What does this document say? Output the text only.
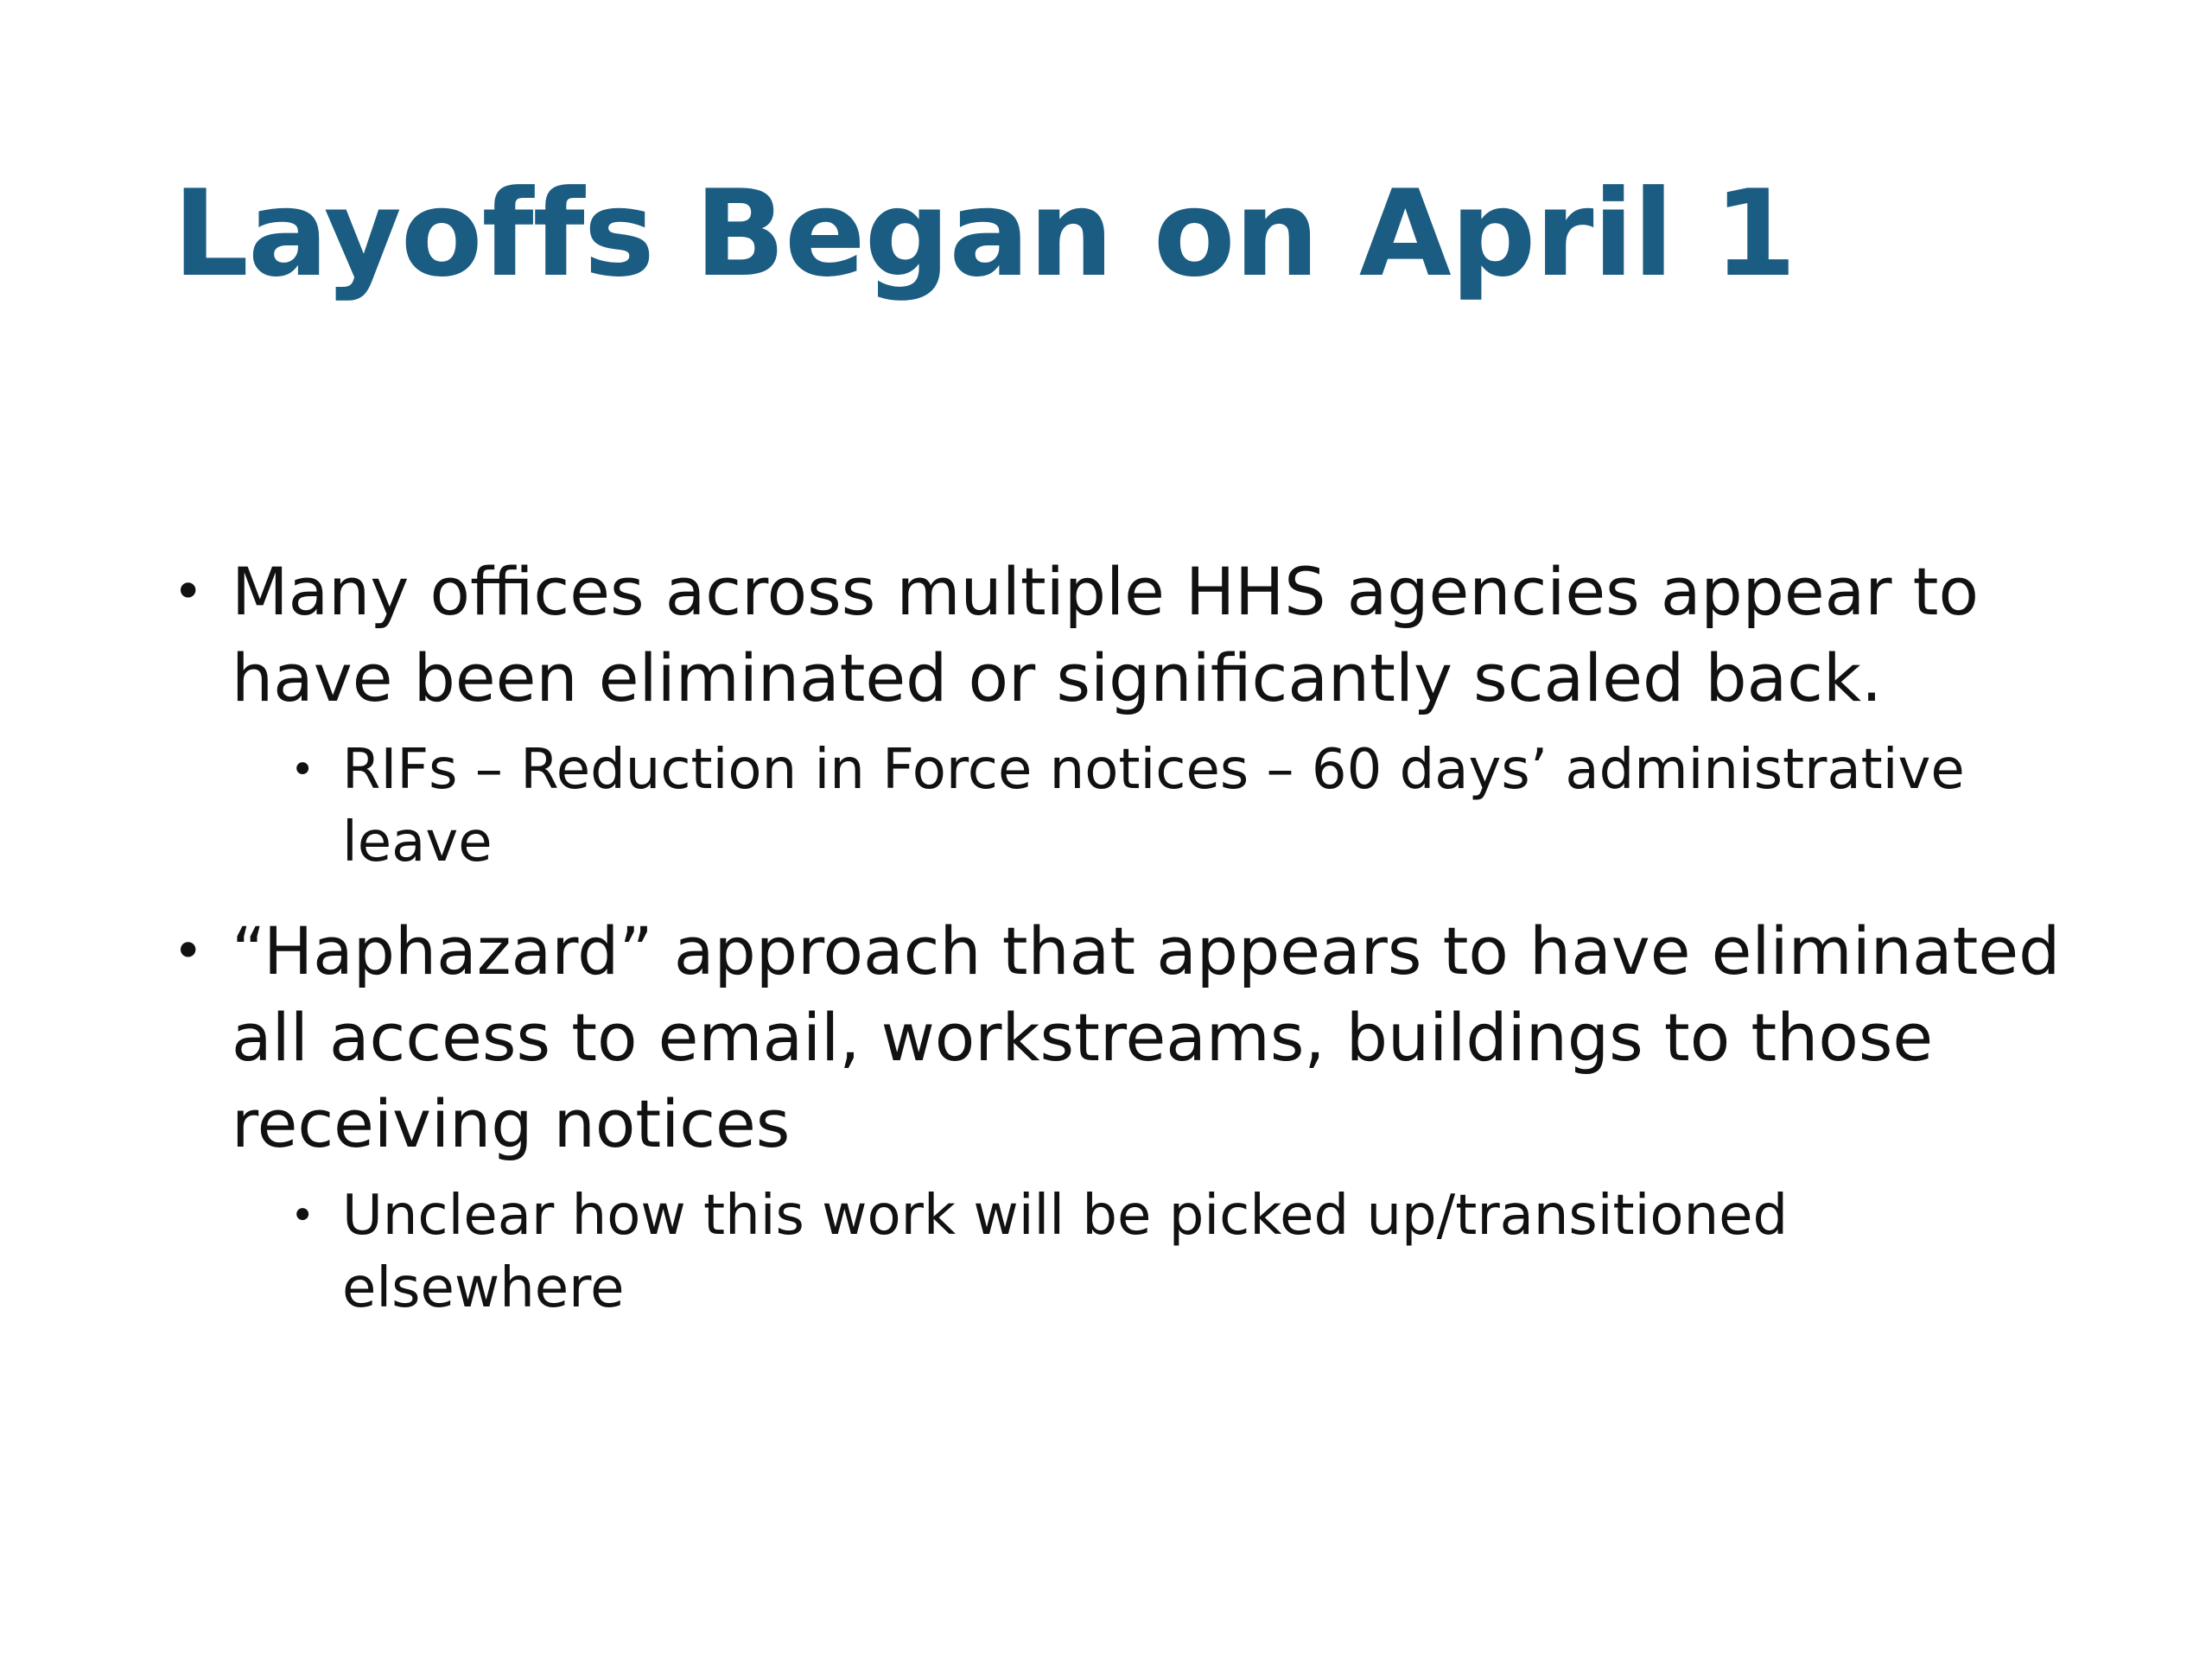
Layoffs Began on April 1
• Many offices across multiple HHS agencies appear to have been eliminated or significantly scaled back.
• RIFs – Reduction in Force notices – 60 days’ administrative leave
• “Haphazard” approach that appears to have eliminated all access to email, workstreams, buildings to those receiving notices
• Unclear how this work will be picked up/transitioned elsewhere
